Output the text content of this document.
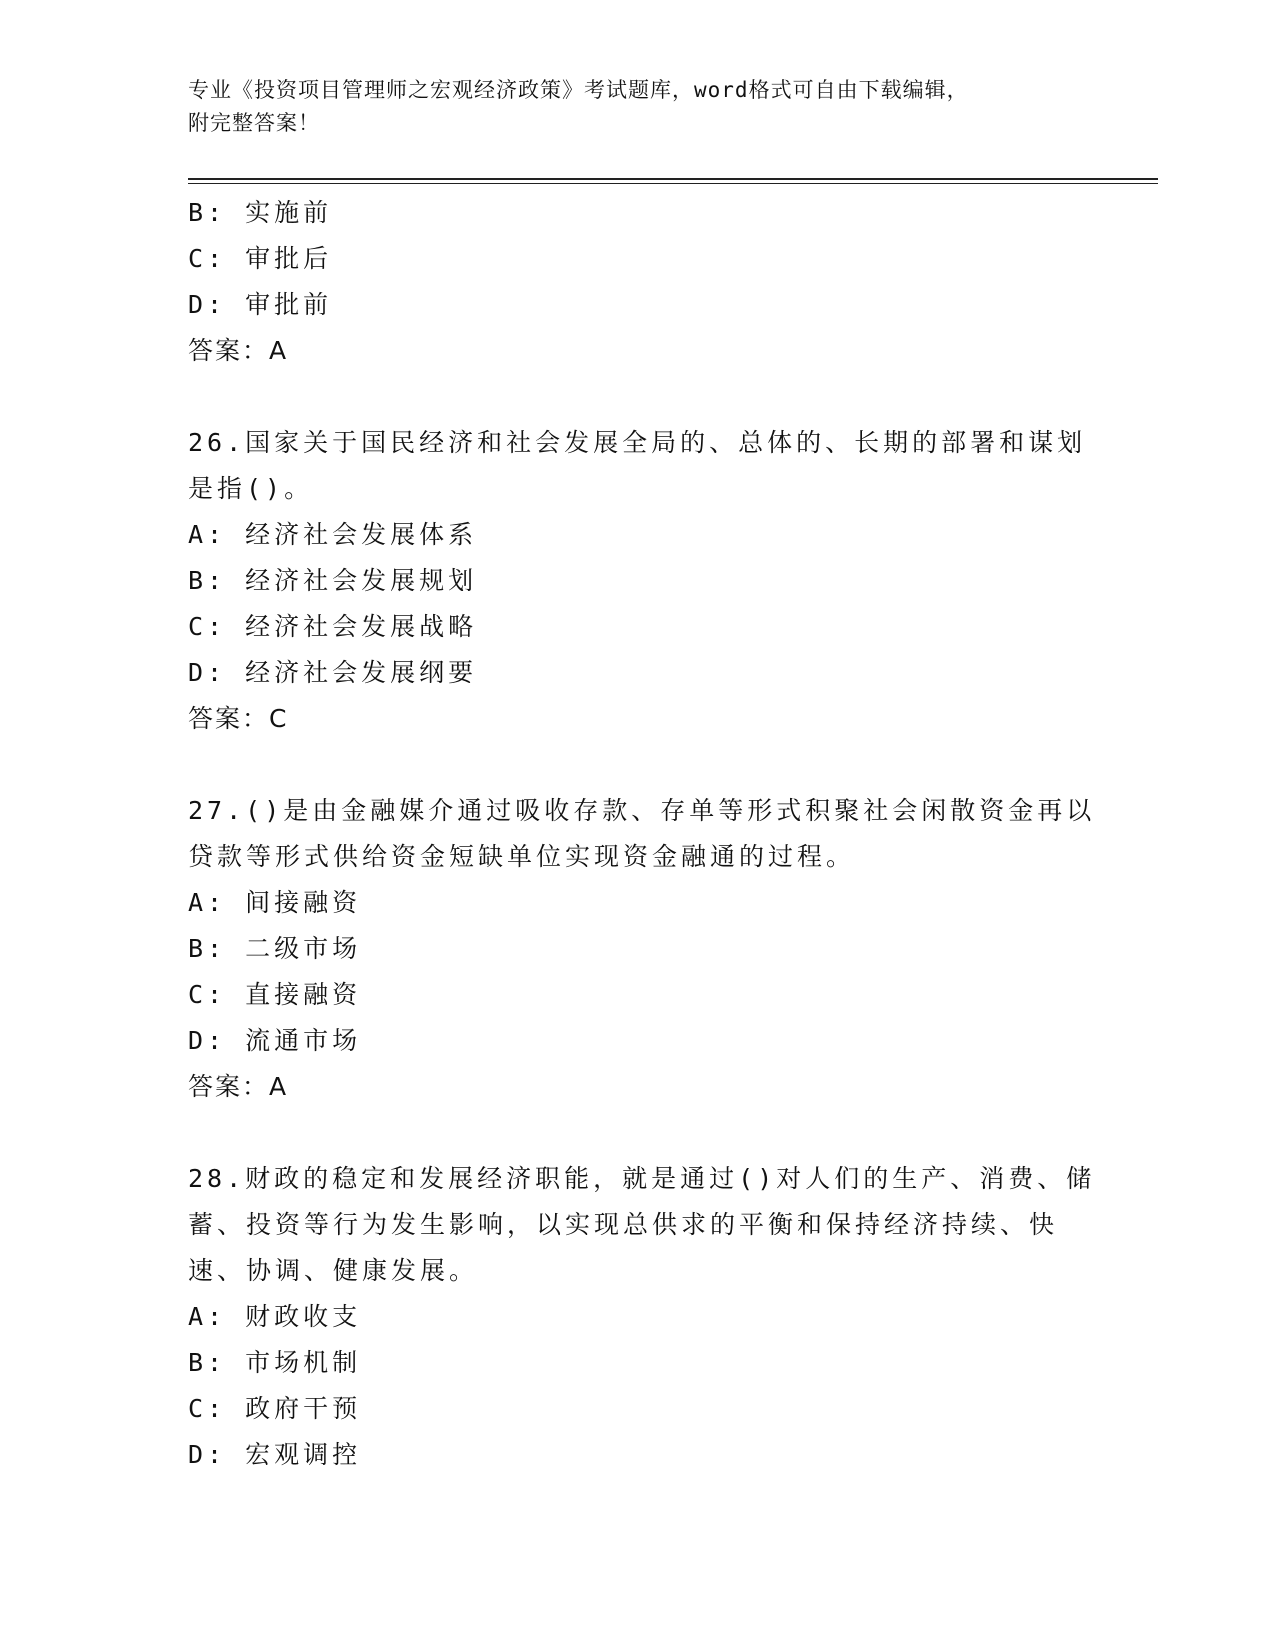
专业《投资项目管理师之宏观经济政策》考试题库，word格式可自由下载编辑，
附完整答案！
B: 实施前
C: 审批后
D: 审批前
答案：A
26.国家关于国民经济和社会发展全局的、总体的、长期的部署和谋划
是指()。
A: 经济社会发展体系
B: 经济社会发展规划
C: 经济社会发展战略
D: 经济社会发展纲要
答案：C
27.()是由金融媒介通过吸收存款、存单等形式积聚社会闲散资金再以
贷款等形式供给资金短缺单位实现资金融通的过程。
A: 间接融资
B: 二级市场
C: 直接融资
D: 流通市场
答案：A
28.财政的稳定和发展经济职能，就是通过()对人们的生产、消费、储
蓄、投资等行为发生影响，以实现总供求的平衡和保持经济持续、快
速、协调、健康发展。
A: 财政收支
B: 市场机制
C: 政府干预
D: 宏观调控
